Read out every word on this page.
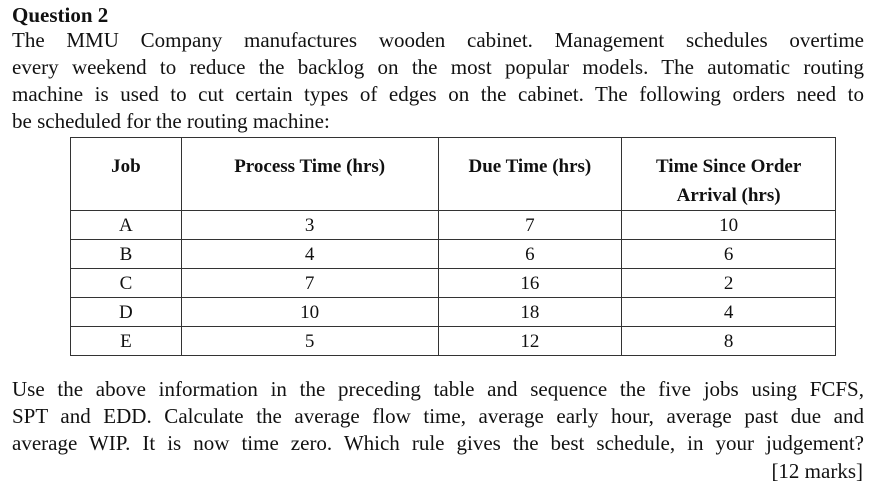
Question 2
The MMU Company manufactures wooden cabinet. Management schedules overtime
every weekend to reduce the backlog on the most popular models. The automatic routing
machine is used to cut certain types of edges on the cabinet. The following orders need to
be scheduled for the routing machine:
Job	Process Time (hrs)	Due Time (hrs)	Time Since Order
Arrival (hrs)
A	3	7	10
B	4	6	6
C	7	16	2
D	10	18	4
E	5	12	8
Use the above information in the preceding table and sequence the five jobs using FCFS,
SPT and EDD. Calculate the average flow time, average early hour, average past due and
average WIP. It is now time zero. Which rule gives the best schedule, in your judgement?
[12 marks]
